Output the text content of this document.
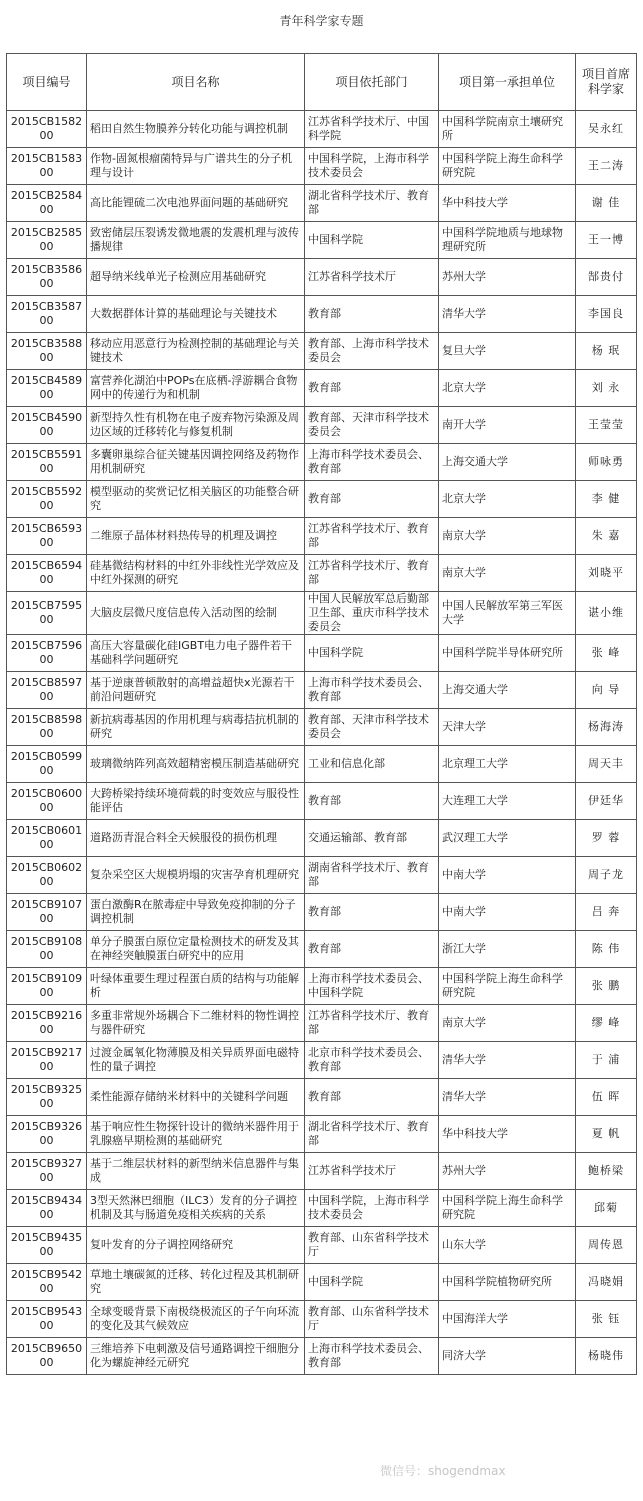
青年科学家专题
项目编号	项目名称	项目依托部门	项目第一承担单位	项目首席科学家
2015CB158200	稻田自然生物膜养分转化功能与调控机制	江苏省科学技术厅、中国科学院	中国科学院南京土壤研究所	吴永红
2015CB158300	作物-固氮根瘤菌特异与广谱共生的分子机理与设计	中国科学院，上海市科学技术委员会	中国科学院上海生命科学研究院	王二涛
2015CB258400	高比能锂硫二次电池界面问题的基础研究	湖北省科学技术厅、教育部	华中科技大学	谢 佳
2015CB258500	致密储层压裂诱发微地震的发震机理与波传播规律	中国科学院	中国科学院地质与地球物理研究所	王一博
2015CB358600	超导纳米线单光子检测应用基础研究	江苏省科学技术厅	苏州大学	郜贵付
2015CB358700	大数据群体计算的基础理论与关键技术	教育部	清华大学	李国良
2015CB358800	移动应用恶意行为检测控制的基础理论与关键技术	教育部、上海市科学技术委员会	复旦大学	杨 珉
2015CB458900	富营养化湖泊中POPs在底栖-浮游耦合食物网中的传递行为和机制	教育部	北京大学	刘 永
2015CB459000	新型持久性有机物在电子废弃物污染源及周边区域的迁移转化与修复机制	教育部、天津市科学技术委员会	南开大学	王莹莹
2015CB559100	多囊卵巢综合征关键基因调控网络及药物作用机制研究	上海市科学技术委员会、教育部	上海交通大学	师咏勇
2015CB559200	模型驱动的奖赏记忆相关脑区的功能整合研究	教育部	北京大学	李 健
2015CB659300	二维原子晶体材料热传导的机理及调控	江苏省科学技术厅、教育部	南京大学	朱 嘉
2015CB659400	硅基微结构材料的中红外非线性光学效应及中红外探测的研究	江苏省科学技术厅、教育部	南京大学	刘晓平
2015CB759500	大脑皮层微尺度信息传入活动图的绘制	中国人民解放军总后勤部卫生部、重庆市科学技术委员会	中国人民解放军第三军医大学	谌小维
2015CB759600	高压大容量碳化硅IGBT电力电子器件若干基础科学问题研究	中国科学院	中国科学院半导体研究所	张 峰
2015CB859700	基于逆康普顿散射的高增益超快x光源若干前沿问题研究	上海市科学技术委员会、教育部	上海交通大学	向 导
2015CB859800	新抗病毒基因的作用机理与病毒拮抗机制的研究	教育部、天津市科学技术委员会	天津大学	杨海涛
2015CB059900	玻璃微纳阵列高效超精密模压制造基础研究	工业和信息化部	北京理工大学	周天丰
2015CB060000	大跨桥梁持续环境荷载的时变效应与服役性能评估	教育部	大连理工大学	伊廷华
2015CB060100	道路沥青混合料全天候服役的损伤机理	交通运输部、教育部	武汉理工大学	罗 蓉
2015CB060200	复杂采空区大规模坍塌的灾害孕育机理研究	湖南省科学技术厅、教育部	中南大学	周子龙
2015CB910700	蛋白激酶R在脓毒症中导致免疫抑制的分子调控机制	教育部	中南大学	吕 奔
2015CB910800	单分子膜蛋白原位定量检测技术的研发及其在神经突触膜蛋白研究中的应用	教育部	浙江大学	陈 伟
2015CB910900	叶绿体重要生理过程蛋白质的结构与功能解析	上海市科学技术委员会、中国科学院	中国科学院上海生命科学研究院	张 鹏
2015CB921600	多重非常规外场耦合下二维材料的物性调控与器件研究	江苏省科学技术厅、教育部	南京大学	缪 峰
2015CB921700	过渡金属氧化物薄膜及相关异质界面电磁特性的量子调控	北京市科学技术委员会、教育部	清华大学	于 浦
2015CB932500	柔性能源存储纳米材料中的关键科学问题	教育部	清华大学	伍 晖
2015CB932600	基于响应性生物探针设计的微纳米器件用于乳腺癌早期检测的基础研究	湖北省科学技术厅、教育部	华中科技大学	夏 帆
2015CB932700	基于二维层状材料的新型纳米信息器件与集成	江苏省科学技术厅	苏州大学	鲍桥梁
2015CB943400	3型天然淋巴细胞（ILC3）发育的分子调控机制及其与肠道免疫相关疾病的关系	中国科学院，上海市科学技术委员会	中国科学院上海生命科学研究院	邱菊
2015CB943500	复叶发育的分子调控网络研究	教育部、山东省科学技术厅	山东大学	周传恩
2015CB954200	草地土壤碳氮的迁移、转化过程及其机制研究	中国科学院	中国科学院植物研究所	冯晓娟
2015CB954300	全球变暖背景下南极绕极流区的子午向环流的变化及其气候效应	教育部、山东省科学技术厅	中国海洋大学	张 钰
2015CB965000	三维培养下电刺激及信号通路调控干细胞分化为螺旋神经元研究	上海市科学技术委员会、教育部	同济大学	杨晓伟
微信号：shogendmax
